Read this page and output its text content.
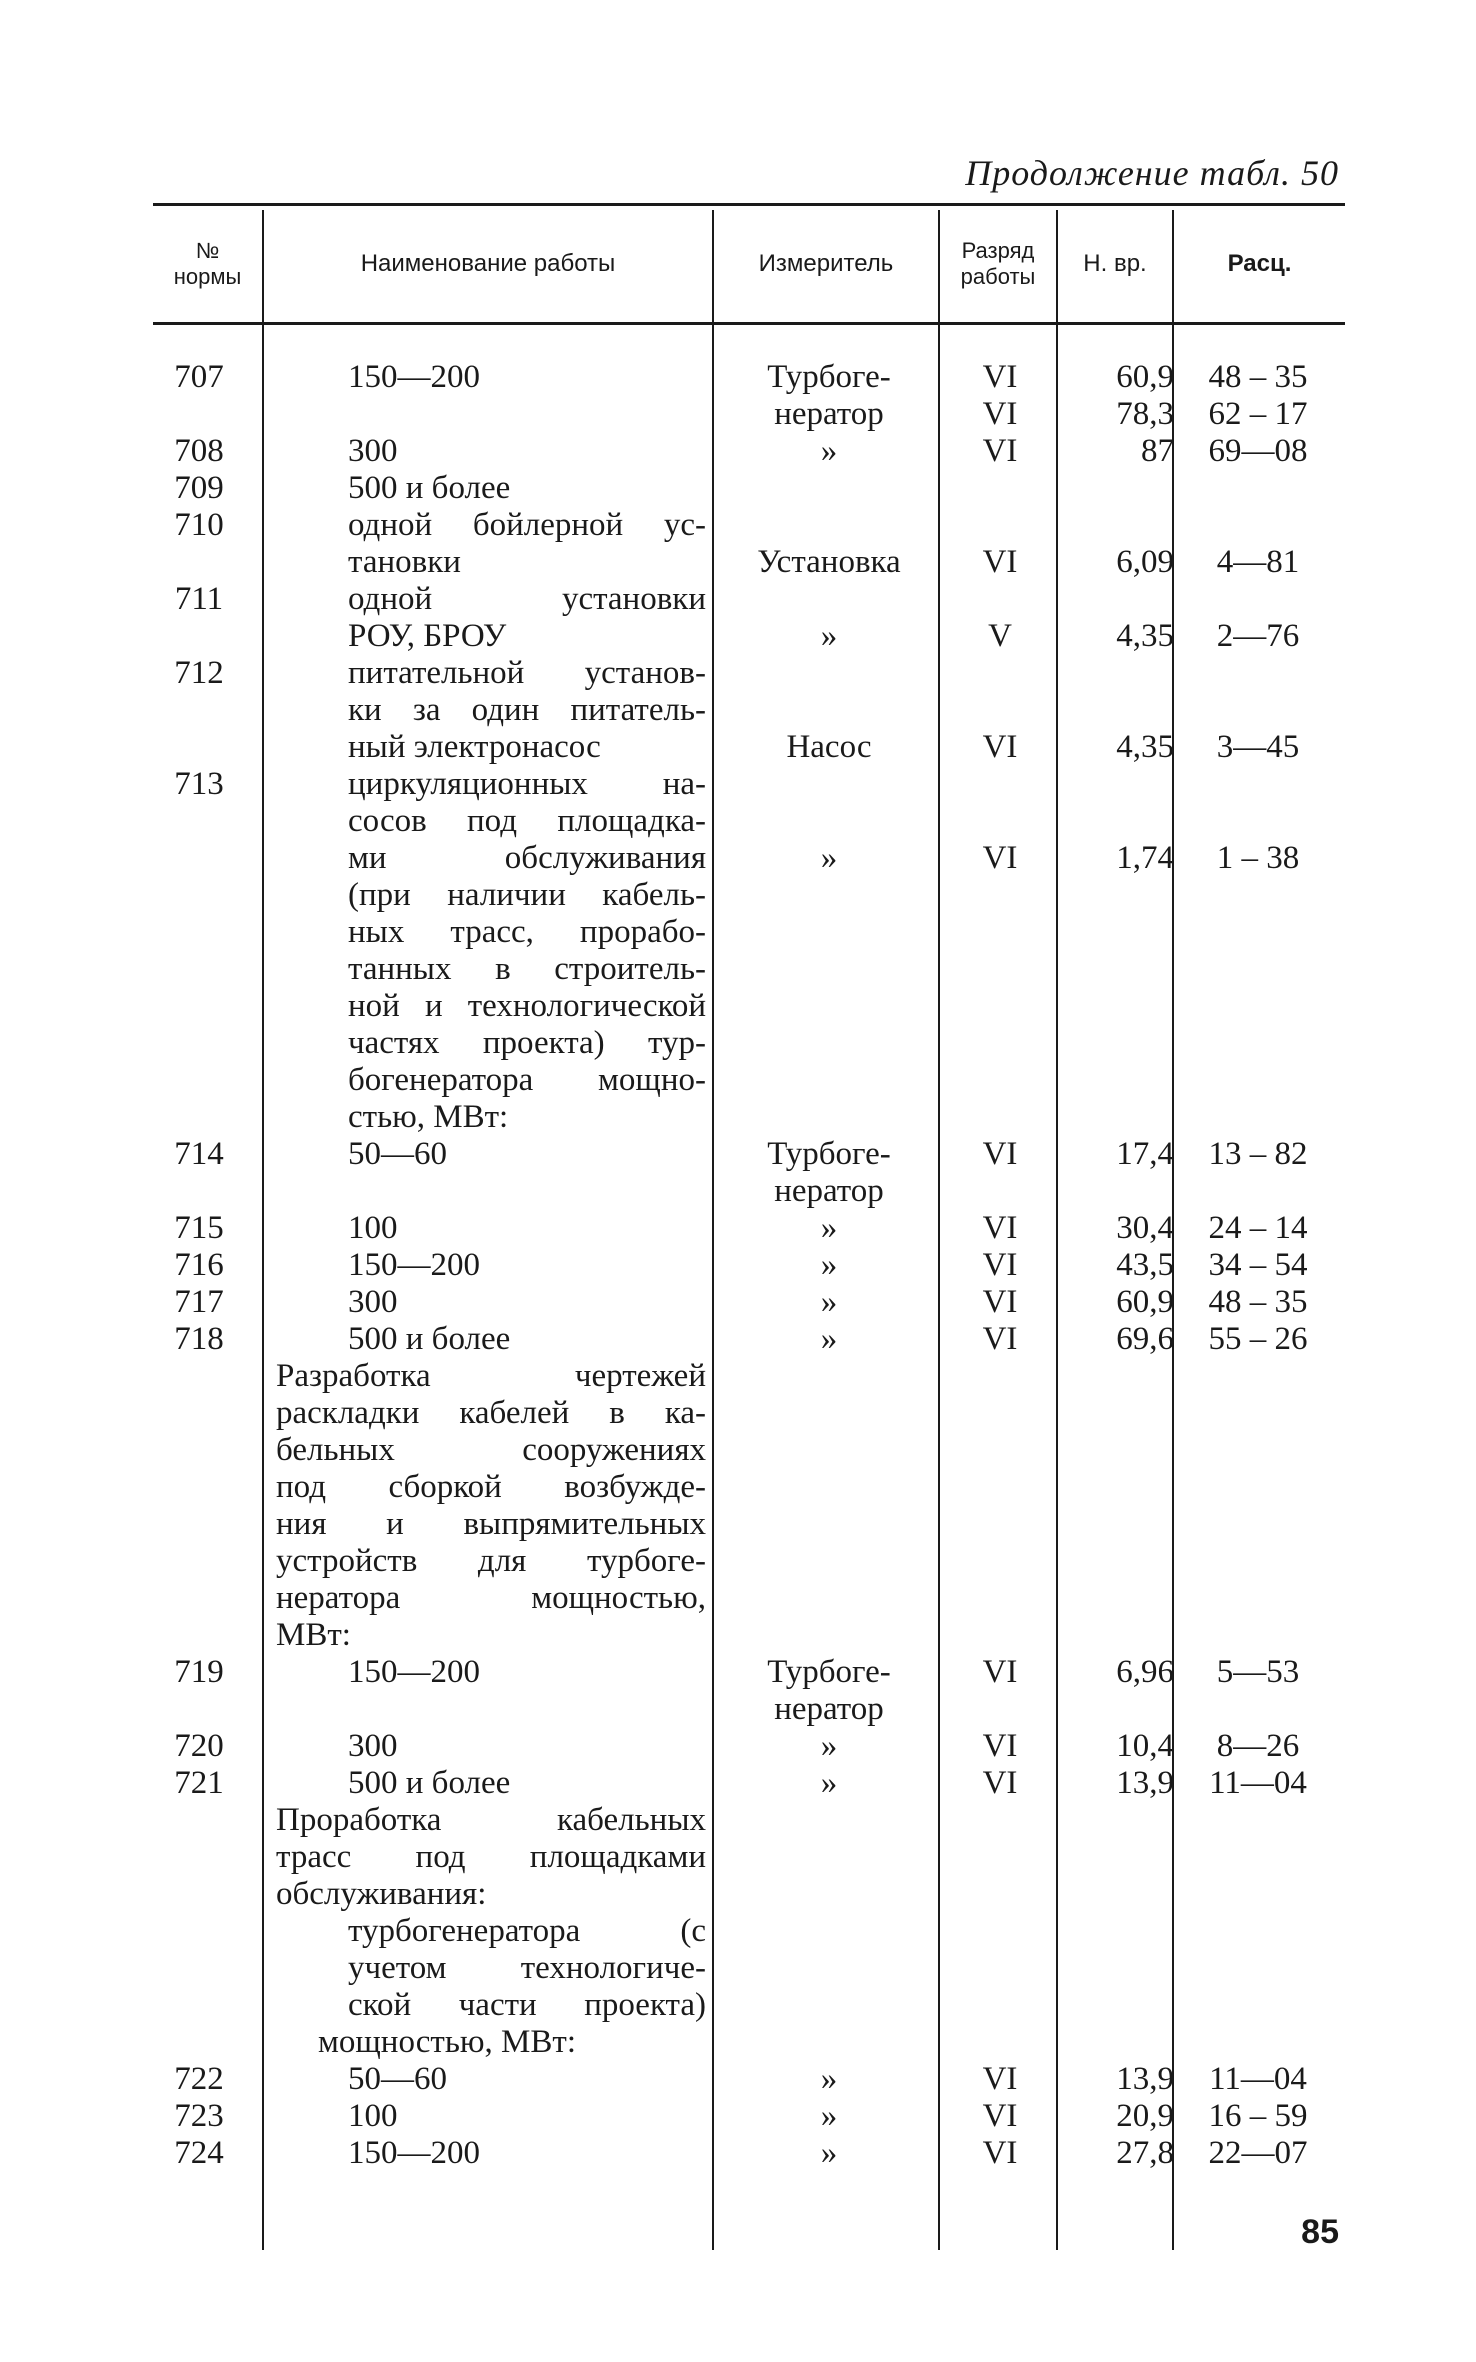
Продолжение табл. 50
№ нормы	Наименование работы	Измеритель	Разряд работы	Н. вр.	Расц.
707	150—200	Турбоге-	VI	60,9	48 – 35
нератор	VI	78,3	62 – 17
708	300	»	VI	87	69—08
709	500 и более
710	одной бойлерной ус-
тановки	Установка	VI	6,09	4—81
711	одной установки
РОУ, БРОУ	»	V	4,35	2—76
712	питательной установ-
ки за один питатель-
ный электронасос	Насос	VI	4,35	3—45
713	циркуляционных на-
сосов под площадка-
ми обслуживания	»	VI	1,74	1 – 38
(при наличии кабель-
ных трасс, прорабо-
танных в строитель-
ной и технологической
частях проекта) тур-
богенератора мощно-
стью, МВт:
714	50—60	Турбоге-	VI	17,4	13 – 82
нератор
715	100	»	VI	30,4	24 – 14
716	150—200	»	VI	43,5	34 – 54
717	300	»	VI	60,9	48 – 35
718	500 и более	»	VI	69,6	55 – 26
Разработка чертежей
раскладки кабелей в ка-
бельных сооружениях
под сборкой возбужде-
ния и выпрямительных
устройств для турбоге-
нератора мощностью,
МВт:
719	150—200	Турбоге-	VI	6,96	5—53
нератор
720	300	»	VI	10,4	8—26
721	500 и более	»	VI	13,9	11—04
Проработка кабельных
трасс под площадками
обслуживания:
турбогенератора (с
учетом технологиче-
ской части проекта)
мощностью, МВт:
722	50—60	»	VI	13,9	11—04
723	100	»	VI	20,9	16 – 59
724	150—200	»	VI	27,8	22—07
85
